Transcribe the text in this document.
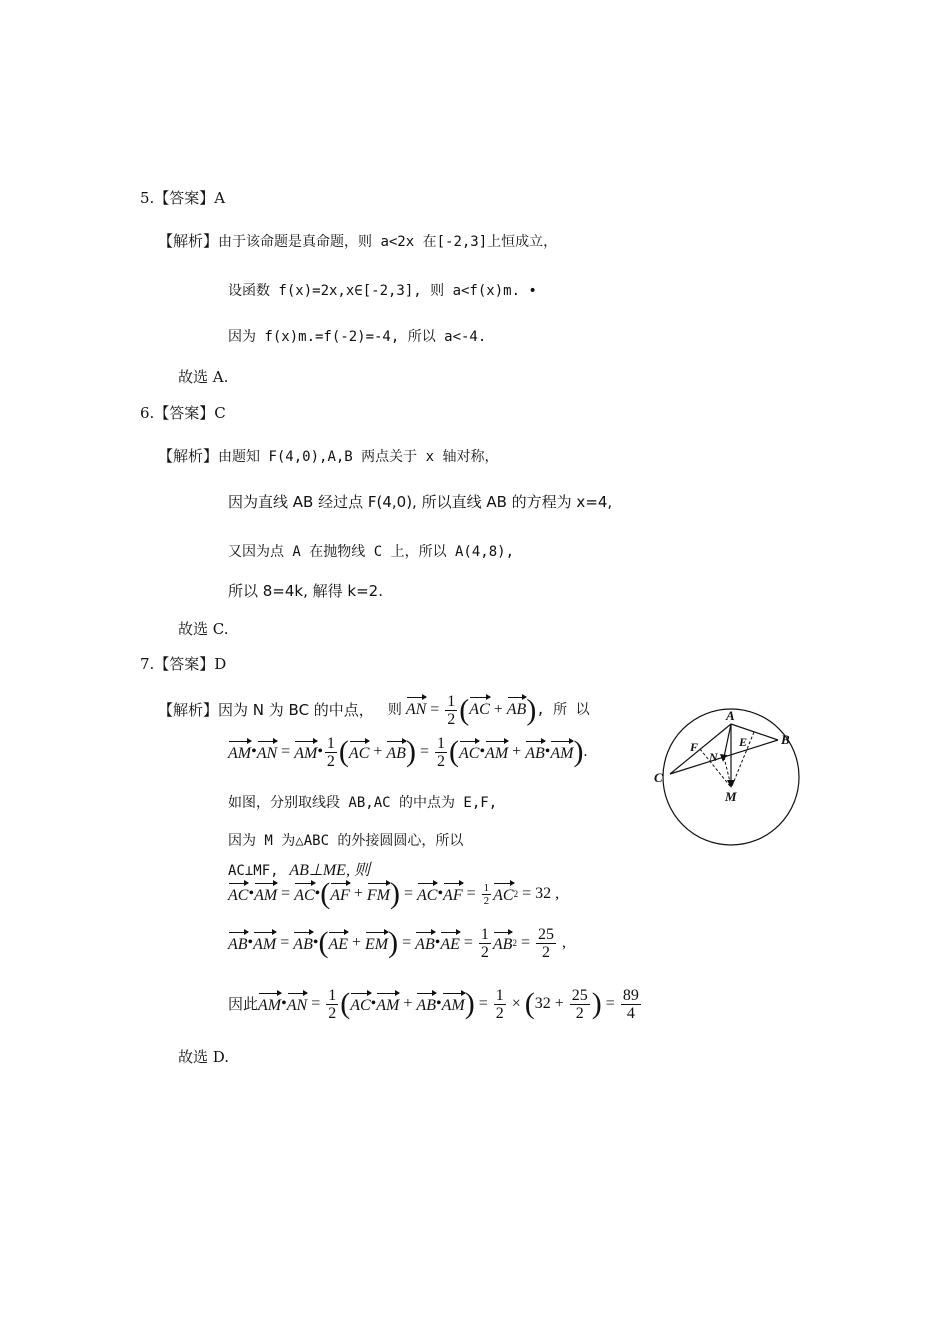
5.【答案】A
【解析】由于该命题是真命题，则 a<2x 在[-2,3]上恒成立，
设函数 f(x)=2x,x∈[-2,3], 则 a<f(x)m. •
因为 f(x)m.=f(-2)=-4, 所以 a<-4.
故选 A.
6.【答案】C
【解析】由题知 F(4,0),A,B 两点关于 x 轴对称，
因为直线 AB 经过点 F(4,0), 所以直线 AB 的方程为 x=4,
又因为点 A 在抛物线 C 上，所以 A(4,8),
所以 8=4k, 解得 k=2.
故选 C.
7.【答案】D
【解析】 因为 N 为 BC 的中点， 则 AN = $\frac{1}{2} (AC + AB)$ , 所 以
AM • AN = AM • $\frac{1}{2}$ ( AC + AB ) = $\frac{1}{2}$ ( AC • AM + AB • AM ) .
如图，分别取线段 AB,AC 的中点为 E,F,
因为 M 为△ABC 的外接圆圆心，所以
AC⊥MF, AB⊥ME, 则
AC • AM = AC • ( AF + FM ) = AC • AF = $\frac{1}{2}$ AC 2 = 32 ,
AB • AM = AB • ( AE + EM ) = AB • AE = $\frac{1}{2}$ AB $2 = \frac{25}{2}$ ,
因此 AM • AN = $\frac{1}{2}$ ( AC • AM + AB • AM ) = $\frac{1}{2}$ × ( $32 + \frac{25}{2}$ ) = $\frac{89}{4}$
故选 D.
A
B
C
E
F
N
M
